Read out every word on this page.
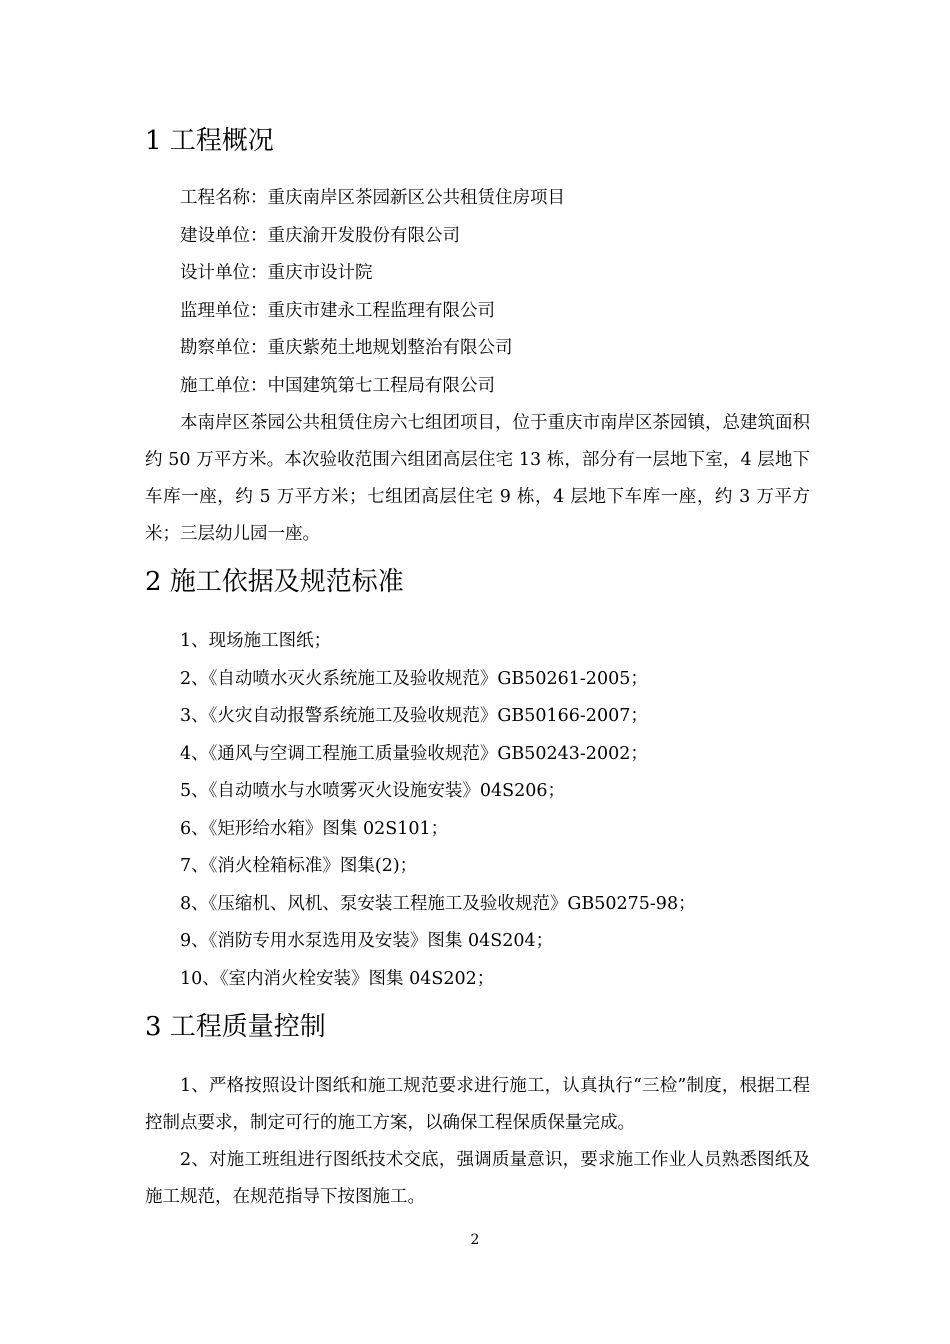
1 工程概况

工程名称：重庆南岸区茶园新区公共租赁住房项目

建设单位：重庆渝开发股份有限公司

设计单位：重庆市设计院

监理单位：重庆市建永工程监理有限公司

勘察单位：重庆紫苑土地规划整治有限公司

施工单位：中国建筑第七工程局有限公司

本南岸区茶园公共租赁住房六七组团项目，位于重庆市南岸区茶园镇，总建筑面积约 50 万平方米。本次验收范围六组团高层住宅 13 栋，部分有一层地下室，4 层地下车库一座，约 5 万平方米；七组团高层住宅 9 栋，4 层地下车库一座，约 3 万平方米；三层幼儿园一座。

2 施工依据及规范标准

1、现场施工图纸；

2、《自动喷水灭火系统施工及验收规范》GB50261-2005；

3、《火灾自动报警系统施工及验收规范》GB50166-2007；

4、《通风与空调工程施工质量验收规范》GB50243-2002；

5、《自动喷水与水喷雾灭火设施安装》04S206；

6、《矩形给水箱》图集 02S101；

7、《消火栓箱标准》图集(2)；

8、《压缩机、风机、泵安装工程施工及验收规范》GB50275-98；

9、《消防专用水泵选用及安装》图集 04S204；

10、《室内消火栓安装》图集 04S202；

3 工程质量控制

1、严格按照设计图纸和施工规范要求进行施工，认真执行“三检”制度，根据工程控制点要求，制定可行的施工方案，以确保工程保质保量完成。

2、对施工班组进行图纸技术交底，强调质量意识，要求施工作业人员熟悉图纸及施工规范，在规范指导下按图施工。

2
